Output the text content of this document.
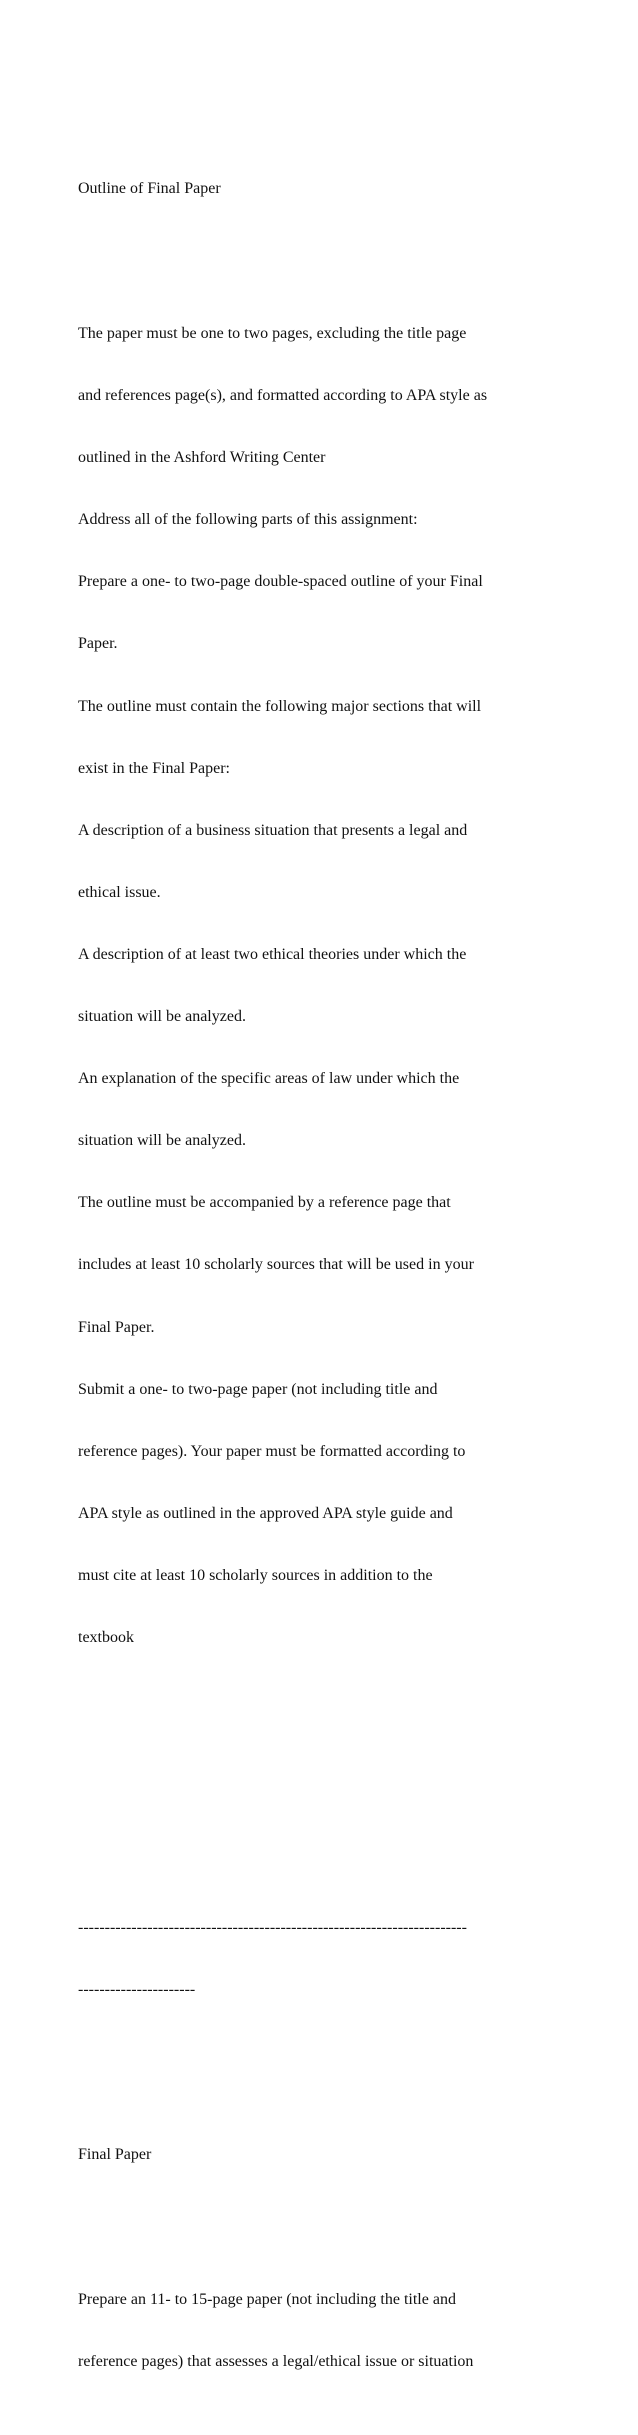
Outline of Final Paper

The paper must be one to two pages, excluding the title page

and references page(s), and formatted according to APA style as

outlined in the Ashford Writing Center

Address all of the following parts of this assignment:

Prepare a one- to two-page double-spaced outline of your Final

Paper.

The outline must contain the following major sections that will

exist in the Final Paper:

A description of a business situation that presents a legal and

ethical issue.

A description of at least two ethical theories under which the

situation will be analyzed.

An explanation of the specific areas of law under which the

situation will be analyzed.

The outline must be accompanied by a reference page that

includes at least 10 scholarly sources that will be used in your

Final Paper.

Submit a one- to two-page paper (not including title and

reference pages). Your paper must be formatted according to

APA style as outlined in the approved APA style guide and

must cite at least 10 scholarly sources in addition to the

textbook

-------------------------------------------------------------------------

----------------------

Final Paper

Prepare an 11- to 15-page paper (not including the title and

reference pages) that assesses a legal/ethical issue or situation
